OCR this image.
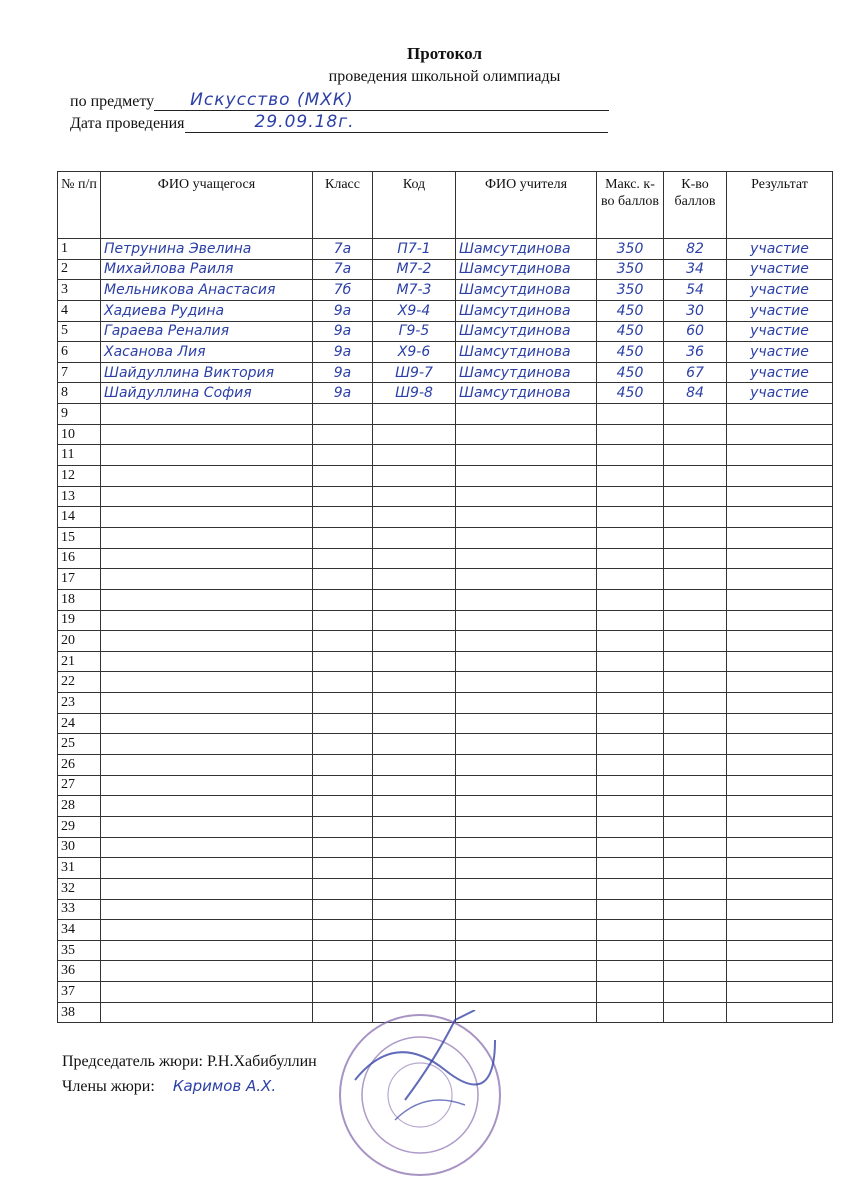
Протокол
проведения школьной олимпиады
по предмету Искусство (МХК)
Дата проведения	29.09.18г.
№ п/п	ФИО учащегося	Класс	Код	ФИО учителя	Макс. к-во баллов	К-во баллов	Результат
1	Петрунина Эвелина	7а	П7-1	Шамсутдинова	350	82	участие
2	Михайлова Раиля	7а	М7-2	Шамсутдинова	350	34	участие
3	Мельникова Анастасия	7б	М7-3	Шамсутдинова	350	54	участие
4	Хадиева Рудина	9а	Х9-4	Шамсутдинова	450	30	участие
5	Гараева Реналия	9а	Г9-5	Шамсутдинова	450	60	участие
6	Хасанова Лия	9а	Х9-6	Шамсутдинова	450	36	участие
7	Шайдуллина Виктория	9а	Ш9-7	Шамсутдинова	450	67	участие
8	Шайдуллина София	9а	Ш9-8	Шамсутдинова	450	84	участие
9							
10							
11							
12							
13							
14							
15							
16							
17							
18							
19							
20							
21							
22							
23							
24							
25							
26							
27							
28							
29							
30							
31							
32							
33							
34							
35							
36							
37							
38							
Председатель жюри: Р.Н.Хабибуллин
Члены жюри: Каримов А.Х.
